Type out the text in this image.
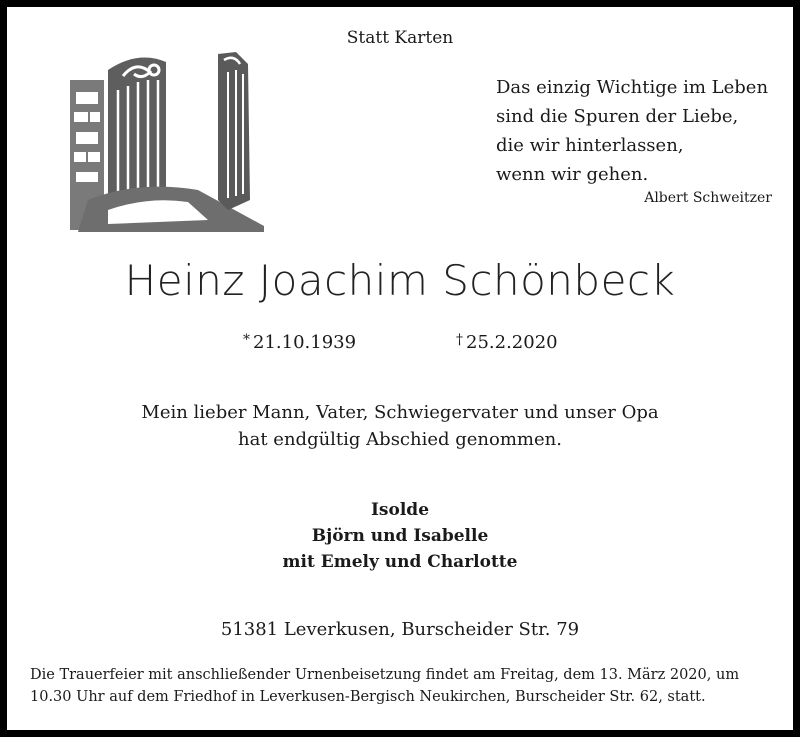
Statt Karten
Das einzig Wichtige im Leben
sind die Spuren der Liebe,
die wir hinterlassen,
wenn wir gehen.
Albert Schweitzer
Heinz Joachim Schönbeck
* 21.10.1939	† 25.2.2020
Mein lieber Mann, Vater, Schwiegervater und unser Opa
hat endgültig Abschied genommen.
Isolde
Björn und Isabelle
mit Emely und Charlotte
51381 Leverkusen, Burscheider Str. 79
Die Trauerfeier mit anschließender Urnenbeisetzung findet am Freitag, dem 13. März 2020, um
10.30 Uhr auf dem Friedhof in Leverkusen-Bergisch Neukirchen, Burscheider Str. 62, statt.
